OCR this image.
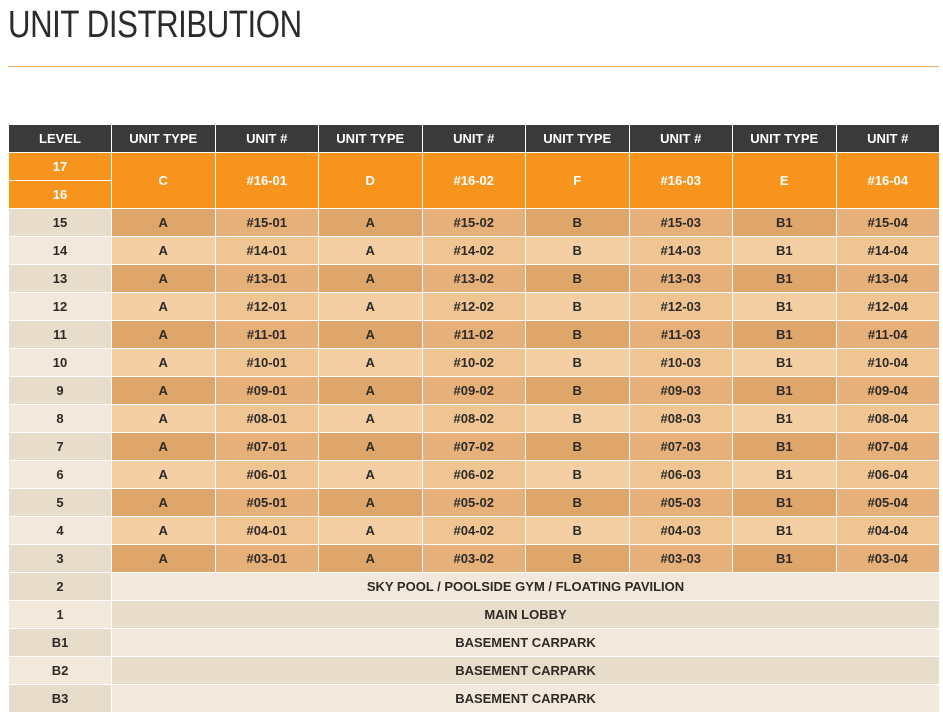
UNIT DISTRIBUTION
LEVEL	UNIT TYPE	UNIT #	UNIT TYPE	UNIT #	UNIT TYPE	UNIT #	UNIT TYPE	UNIT #
17	C	#16-01	D	#16-02	F	#16-03	E	#16-04
16								
15	A	#15-01	A	#15-02	B	#15-03	B1	#15-04
14	A	#14-01	A	#14-02	B	#14-03	B1	#14-04
13	A	#13-01	A	#13-02	B	#13-03	B1	#13-04
12	A	#12-01	A	#12-02	B	#12-03	B1	#12-04
11	A	#11-01	A	#11-02	B	#11-03	B1	#11-04
10	A	#10-01	A	#10-02	B	#10-03	B1	#10-04
9	A	#09-01	A	#09-02	B	#09-03	B1	#09-04
8	A	#08-01	A	#08-02	B	#08-03	B1	#08-04
7	A	#07-01	A	#07-02	B	#07-03	B1	#07-04
6	A	#06-01	A	#06-02	B	#06-03	B1	#06-04
5	A	#05-01	A	#05-02	B	#05-03	B1	#05-04
4	A	#04-01	A	#04-02	B	#04-03	B1	#04-04
3	A	#03-01	A	#03-02	B	#03-03	B1	#03-04
2	SKY POOL / POOLSIDE GYM / FLOATING PAVILION							
1	MAIN LOBBY							
B1	BASEMENT CARPARK							
B2	BASEMENT CARPARK							
B3	BASEMENT CARPARK							
